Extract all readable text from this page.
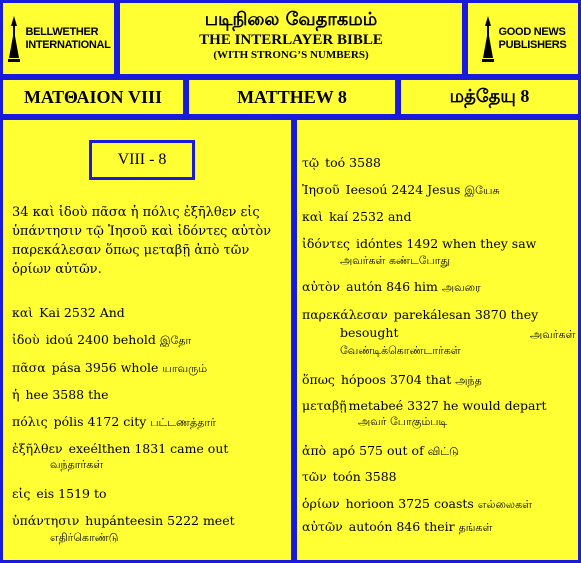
BELLWETHER
INTERNATIONAL
படிநிலை வேதாகமம்
THE INTERLAYER BIBLE
(WITH STRONG’S NUMBERS)
GOOD NEWS
PUBLISHERS
ΜΑΤΘΑΙΟΝ VIII	MATTHEW 8	மத்தேயு 8
VIII - 8
34 καὶ ἰδοὺ πᾶσα ἡ πόλις ἐξῆλθεν εἰς ὑπάντησιν τῷ Ἰησοῦ καὶ ἰδόντες αὐτὸν παρεκάλεσαν ὅπως μεταβῇ ἀπὸ τῶν ὁρίων αὐτῶν.
καὶ Kai 2532 And
ἰδοὺ idoú 2400 behold இதோ
πᾶσα pása 3956 whole யாவரும்
ἡ hee 3588 the
πόλις pólis 4172 city பட்டணத்தார்
ἐξῆλθεν exeélthen 1831 came out
வந்தார்கள்
εἰς eis 1519 to
ὑπάντησιν hupánteesin 5222 meet
எதிர்கொண்டு
τῷ toó 3588
Ἰησοῦ Ieesoú 2424 Jesus இயேசு
καὶ kaí 2532 and
ἰδόντες idóntes 1492 when they saw
அவர்கள் கண்டபோது
αὐτὸν autón 846 him அவரை
παρεκάλεσαν parekálesan 3870 they
besought	அவர்கள்
வேண்டிக்கொண்டார்கள்
ὅπως hópoos 3704 that அந்த
μεταβῇ metabeé 3327 he would depart
அவர் போகும்படி
ἀπὸ apó 575 out of விட்டு
τῶν toón 3588
ὁρίων horioon 3725 coasts எல்லைகள்
αὐτῶν autoón 846 their தங்கள்
